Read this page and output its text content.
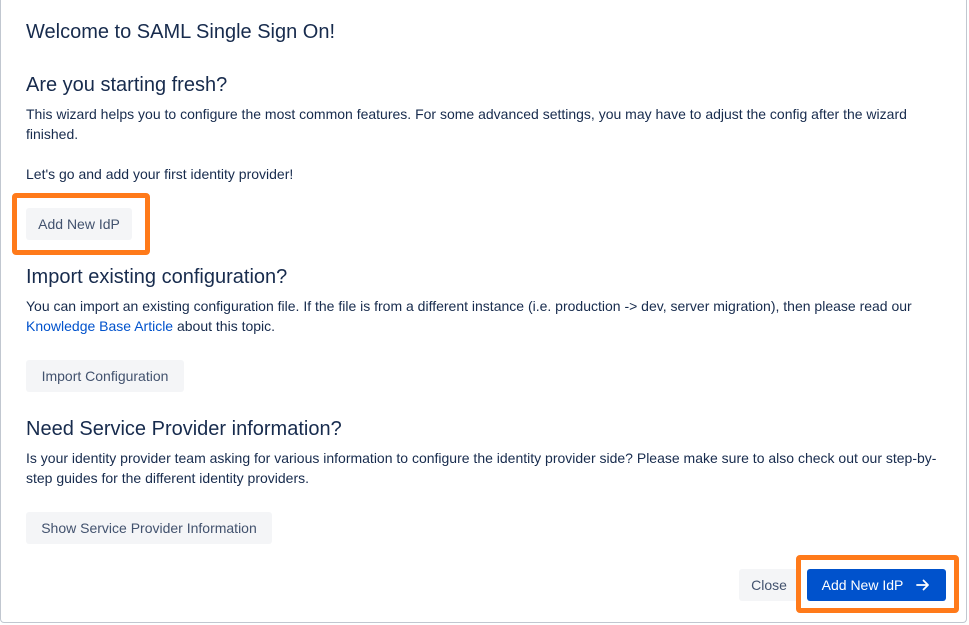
Welcome to SAML Single Sign On!
Are you starting fresh?

This wizard helps you to configure the most common features. For some advanced settings, you may have to adjust the config after the wizard finished.

Let's go and add your first identity provider!

Add New IdP
Import existing configuration?

You can import an existing configuration file. If the file is from a different instance (i.e. production -> dev, server migration), then please read our Knowledge Base Article about this topic.

Import Configuration
Need Service Provider information?

Is your identity provider team asking for various information to configure the identity provider side? Please make sure to also check out our step-by-step guides for the different identity providers.

Show Service Provider Information
Close	Add New IdP
